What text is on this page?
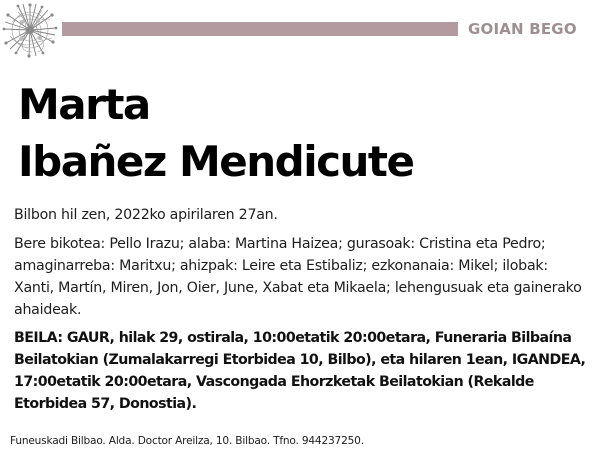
GOIAN BEGO
Marta
Ibañez Mendicute

Bilbon hil zen, 2022ko apirilaren 27an.

Bere bikotea: Pello Irazu; alaba: Martina Haizea; gurasoak: Cristina eta Pedro; amaginarreba: Maritxu; ahizpak: Leire eta Estibaliz; ezkonanaia: Mikel; ilobak: Xanti, Martín, Miren, Jon, Oier, June, Xabat eta Mikaela; lehengusuak eta gainerako ahaideak.

BEILA: GAUR, hilak 29, ostirala, 10:00etatik 20:00etara, Funeraria Bilbaína Beilatokian (Zumalakarregi Etorbidea 10, Bilbo), eta hilaren 1ean, IGANDEA, 17:00etatik 20:00etara, Vascongada Ehorzketak Beilatokian (Rekalde Etorbidea 57, Donostia).

Funeuskadi Bilbao. Alda. Doctor Areilza, 10. Bilbao. Tfno. 944237250.
